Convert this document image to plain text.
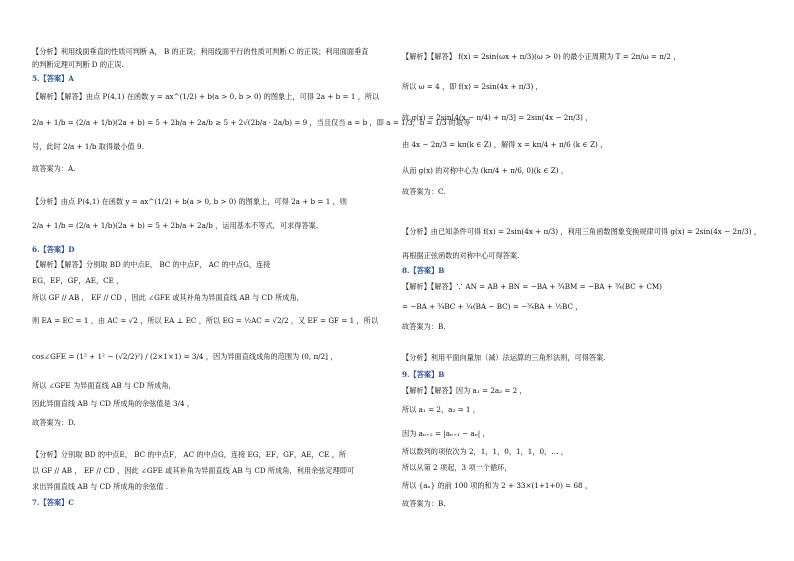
【分析】利用线面垂直的性质可判断 A， B 的正误；利用线面平行的性质可判断 C 的正误；利用面面垂直
的判断定理可判断 D 的正误.
5.【答案】A
【解析】【解答】由点 P(4,1) 在函数 y = ax^(1/2) + b(a > 0, b > 0) 的图象上，可得 2a + b = 1 ，所以
2/a + 1/b = (2/a + 1/b)(2a + b) = 5 + 2b/a + 2a/b ≥ 5 + 2√(2b/a · 2a/b) = 9 ，当且仅当 a = b ，即 a = 1/3，b = 1/3 时取等
号，此时 2/a + 1/b 取得最小值 9.
故答案为：A.
【分析】由点 P(4,1) 在函数 y = ax^(1/2) + b(a > 0, b > 0) 的图象上，可得 2a + b = 1 ，则
2/a + 1/b = (2/a + 1/b)(2a + b) = 5 + 2b/a + 2a/b ，运用基本不等式，可求得答案.
6.【答案】D
【解析】【解答】分别取 BD 的中点E， BC 的中点F， AC 的中点G，连接
EG，EF，GF，AE，CE ，
所以 GF // AB ， EF // CD ，因此 ∠GFE 或其补角为异面直线 AB 与 CD 所成角，
则 EA = EC = 1 ，由 AC = √2 ，所以 EA ⊥ EC ，所以 EG = ½AC = √2/2 ，又 EF = GF = 1 ，所以
cos∠GFE = (1² + 1² − (√2/2)²) / (2×1×1) = 3/4 ，因为异面直线成角的范围为 (0, π/2] ，
所以 ∠GFE 为异面直线 AB 与 CD 所成角，
因此异面直线 AB 与 CD 所成角的余弦值是 3/4 ，
故答案为：D.
【分析】分别取 BD 的中点E， BC 的中点F， AC 的中点G，连接 EG，EF，GF，AE，CE ，所
以 GF // AB ， EF // CD ，因此 ∠GFE 或其补角为异面直线 AB 与 CD 所成角，利用余弦定理即可
求出异面直线 AB 与 CD 所成角的余弦值 .
7.【答案】C
【解析】【解答】 f(x) = 2sin(ωx + π/3)(ω > 0) 的最小正周期为 T = 2π/ω = π/2 ，
所以 ω = 4 ，即 f(x) = 2sin(4x + π/3) ，
故 g(x) = 2sin[4(x − π/4) + π/3] = 2sin(4x − 2π/3) ，
由 4x − 2π/3 = kπ(k ∈ Z) ，解得 x = kπ/4 + π/6 (k ∈ Z) ，
从而 g(x) 的对称中心为 (kπ/4 + π/6, 0)(k ∈ Z) ，
故答案为：C.
【分析】由已知条件可得 f(x) = 2sin(4x + π/3) ，利用三角函数图象变换规律可得 g(x) = 2sin(4x − 2π/3) ，
再根据正弦函数的对称中心可得答案.
8.【答案】B
【解析】【解答】∵ AN = AB + BN = −BA + ¾BM = −BA + ¾(BC + CM)
= −BA + ¾BC + ¼(BA − BC) = −¾BA + ½BC ，
故答案为：B.
【分析】利用平面向量加（减）法运算的三角形法则，可得答案.
9.【答案】B
【解析】【解答】因为 a₁ = 2a₂ = 2 ，
所以 a₁ = 2，a₂ = 1 ，
因为 aₙ₊₂ = |aₙ₊₁ − aₙ| ，
所以数列的项依次为 2，1，1，0，1，1，0，… ，
所以从第 2 项起，3 项一个循环，
所以 {aₙ} 的前 100 项的和为 2 + 33×(1+1+0) = 68 ，
故答案为：B.
